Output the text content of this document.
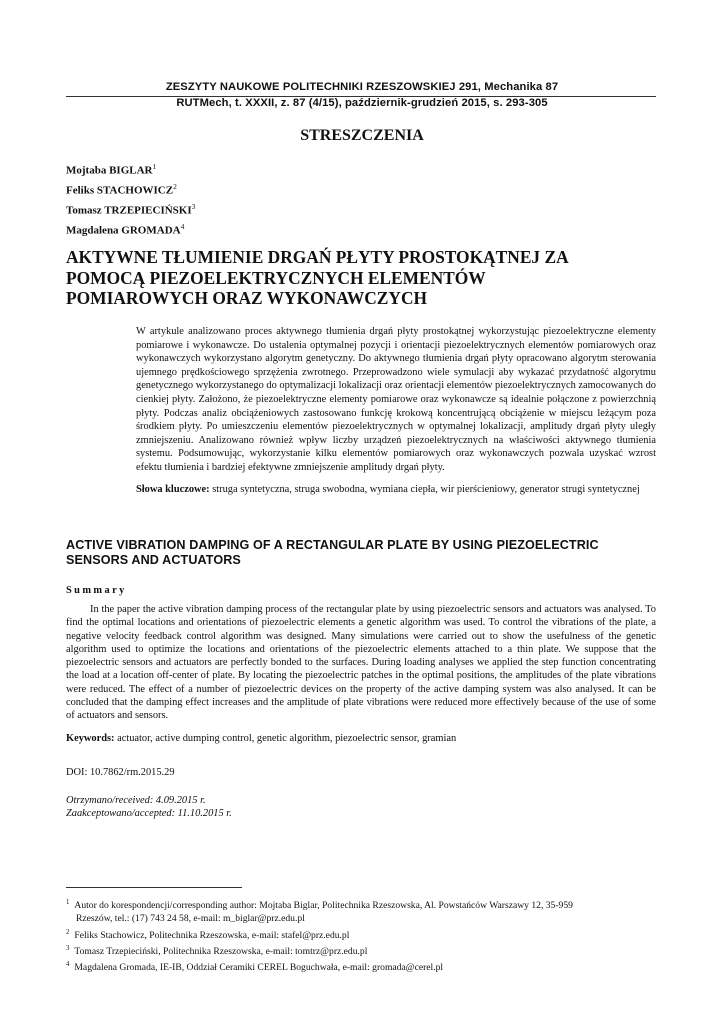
ZESZYTY NAUKOWE POLITECHNIKI RZESZOWSKIEJ 291, Mechanika 87
RUTMech, t. XXXII, z. 87 (4/15), październik-grudzień 2015, s. 293-305
STRESZCZENIA
Mojtaba BIGLAR$^1$
Feliks STACHOWICZ$^2$
Tomasz TRZEPIECIŃSKI$^3$
Magdalena GROMADA$^4$
AKTYWNE TŁUMIENIE DRGAŃ PŁYTY PROSTOKĄTNEJ ZA POMOCĄ PIEZOELEKTRYCZNYCH ELEMENTÓW POMIAROWYCH ORAZ WYKONAWCZYCH

W artykule analizowano proces aktywnego tłumienia drgań płyty prostokątnej wykorzystując piezoelektryczne elementy pomiarowe i wykonawcze. Do ustalenia optymalnej pozycji i orientacji piezoelektrycznych elementów pomiarowych oraz wykonawczych wykorzystano algorytm genetyczny. Do aktywnego tłumienia drgań płyty opracowano algorytm sterowania ujemnego prędkościowego sprzężenia zwrotnego. Przeprowadzono wiele symulacji aby wykazać przydatność algorytmu genetycznego wykorzystanego do optymalizacji lokalizacji oraz orientacji elementów piezoelektrycznych zamocowanych do cienkiej płyty. Założono, że piezoelektryczne elementy pomiarowe oraz wykonawcze są idealnie połączone z powierzchnią płyty. Podczas analiz obciążeniowych zastosowano funkcję krokową koncentrującą obciążenie w miejscu leżącym poza środkiem płyty. Po umieszczeniu elementów piezoelektrycznych w optymalnej lokalizacji, amplitudy drgań płyty uległy zmniejszeniu. Analizowano również wpływ liczby urządzeń piezoelektrycznych na właściwości aktywnego tłumienia systemu. Podsumowując, wykorzystanie kilku elementów pomiarowych oraz wykonawczych pozwala uzyskać wzrost efektu tłumienia i bardziej efektywne zmniejszenie amplitudy drgań płyty.

Słowa kluczowe: struga syntetyczna, struga swobodna, wymiana ciepła, wir pierścieniowy, generator strugi syntetycznej
ACTIVE VIBRATION DAMPING OF A RECTANGULAR PLATE BY USING PIEZOELECTRIC SENSORS AND ACTUATORS
Summary

In the paper the active vibration damping process of the rectangular plate by using piezoelectric sensors and actuators was analysed. To find the optimal locations and orientations of piezoelectric elements a genetic algorithm was used. To control the vibrations of the plate, a negative velocity feedback control algorithm was designed. Many simulations were carried out to show the usefulness of the genetic algorithm used to optimize the locations and orientations of the piezoelectric elements attached to a thin plate. We suppose that the piezoelectric sensors and actuators are perfectly bonded to the surfaces. During loading analyses we applied the step function concentrating the load at a location off-center of plate. By locating the piezoelectric patches in the optimal positions, the amplitudes of the plate vibrations were reduced. The effect of a number of piezoelectric devices on the property of the active damping system was also analysed. It can be concluded that the damping effect increases and the amplitude of plate vibrations were reduced more effectively because of the use of some of actuators and sensors.

Keywords: actuator, active dumping control, genetic algorithm, piezoelectric sensor, gramian
DOI: 10.7862/rm.2015.29
Otrzymano/received: 4.09.2015 r.
Zaakceptowano/accepted: 11.10.2015 r.
$^1$ Autor do korespondencji/corresponding author: Mojtaba Biglar, Politechnika Rzeszowska, Al. Powstańców Warszawy 12, 35-959
Rzeszów, tel.: (17) 743 24 58, e-mail: m_biglar@prz.edu.pl
$^2$ Feliks Stachowicz, Politechnika Rzeszowska, e-mail: stafel@prz.edu.pl
$^3$ Tomasz Trzepieciński, Politechnika Rzeszowska, e-mail: tomtrz@prz.edu.pl
$^4$ Magdalena Gromada, IE-IB, Oddział Ceramiki CEREL Boguchwała, e-mail: gromada@cerel.pl
